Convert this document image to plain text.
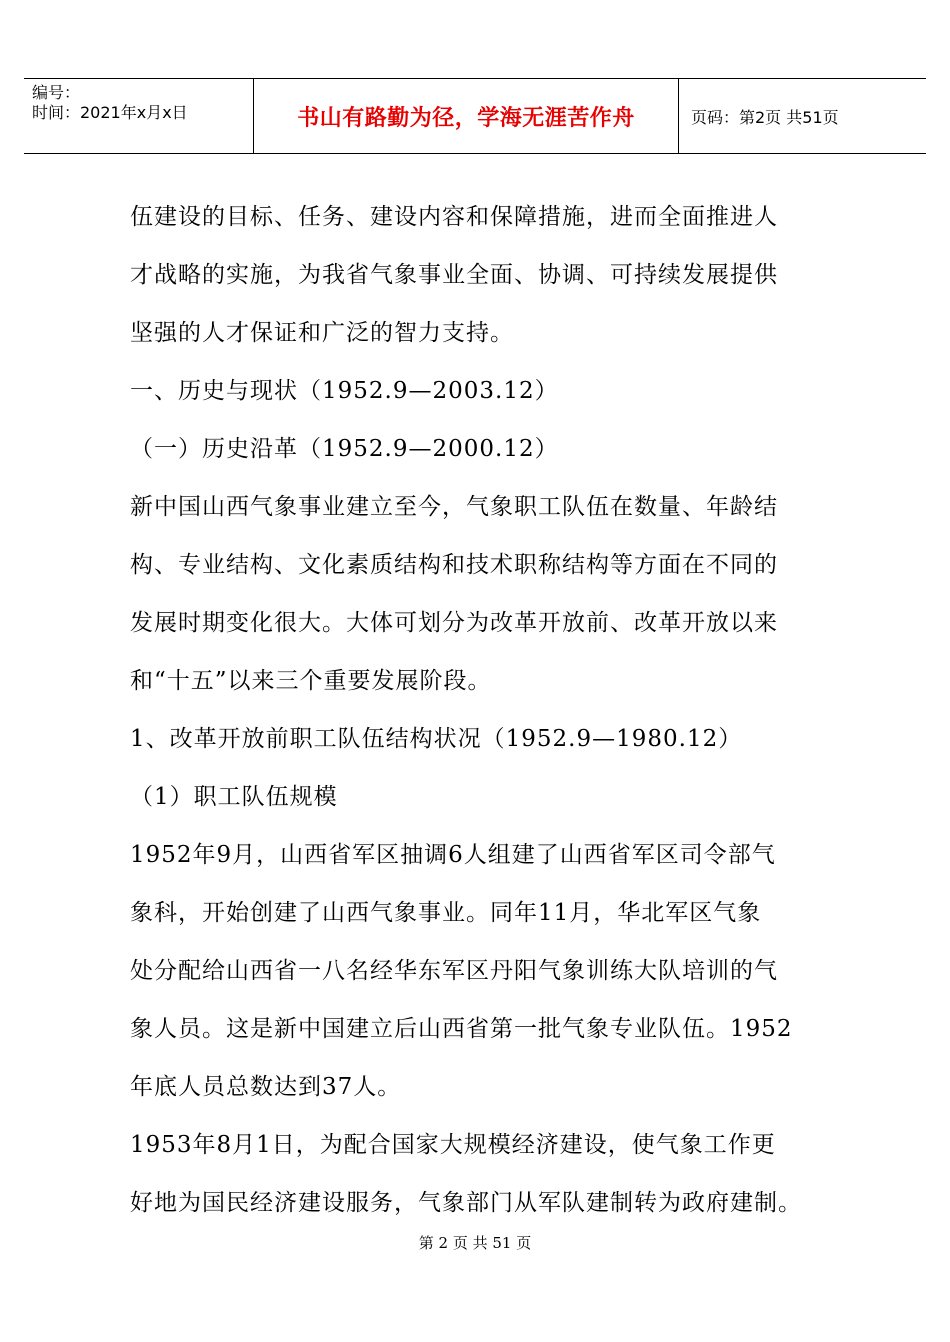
编号：
时间：2021年x月x日	书山有路勤为径，学海无涯苦作舟	页码：第2页 共51页
伍建设的目标、任务、建设内容和保障措施，进而全面推进人
才战略的实施，为我省气象事业全面、协调、可持续发展提供
坚强的人才保证和广泛的智力支持。
一、历史与现状（1952.9—2003.12）
（一）历史沿革（1952.9—2000.12）
新中国山西气象事业建立至今，气象职工队伍在数量、年龄结
构、专业结构、文化素质结构和技术职称结构等方面在不同的
发展时期变化很大。大体可划分为改革开放前、改革开放以来
和“十五”以来三个重要发展阶段。
1、改革开放前职工队伍结构状况（1952.9—1980.12）
（1）职工队伍规模
1952年9月，山西省军区抽调6人组建了山西省军区司令部气
象科，开始创建了山西气象事业。同年11月，华北军区气象
处分配给山西省一八名经华东军区丹阳气象训练大队培训的气
象人员。这是新中国建立后山西省第一批气象专业队伍。1952
年底人员总数达到37人。
1953年8月1日，为配合国家大规模经济建设，使气象工作更
好地为国民经济建设服务，气象部门从军队建制转为政府建制。
第 2 页 共 51 页
